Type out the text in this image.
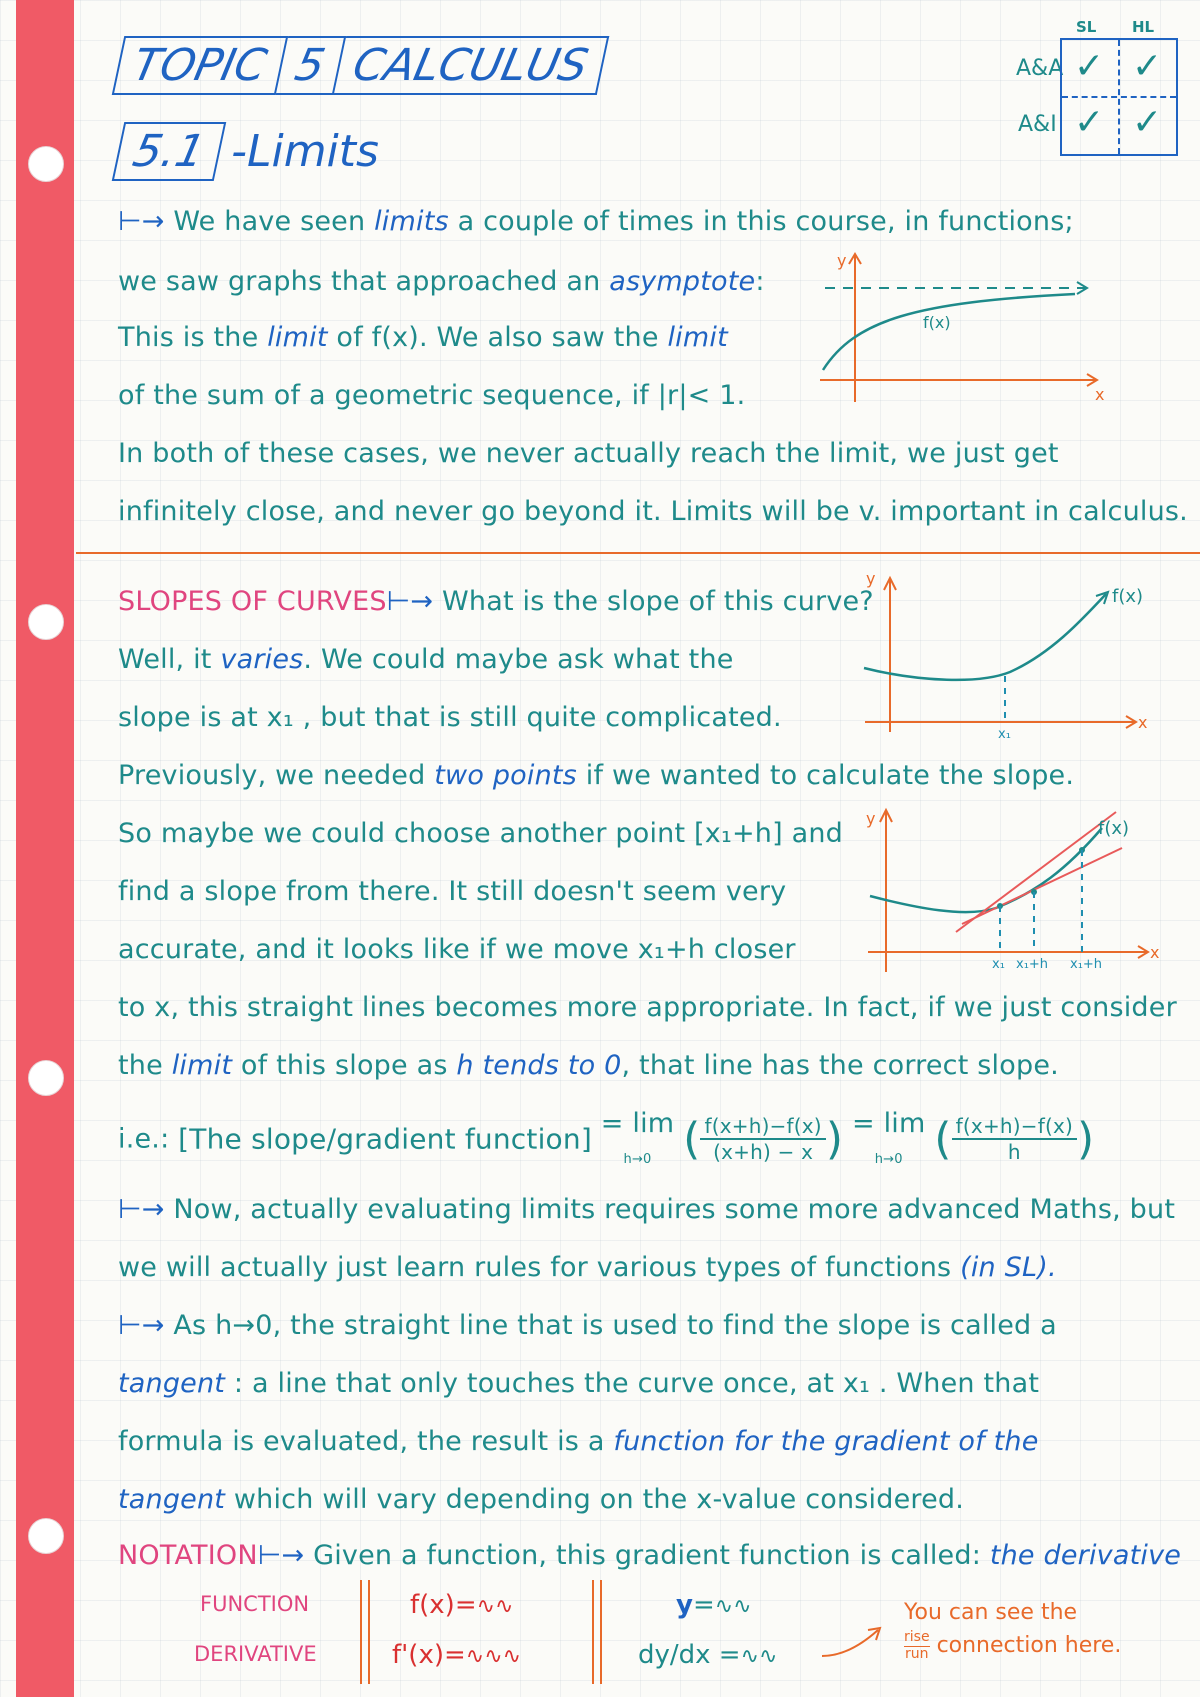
TOPIC 5 CALCULUS
5.1 -Limits
SL HL
A&A
A&I
✓ ✓
✓ ✓
⊢→ We have seen limits a couple of times in this course, in functions;
we saw graphs that approached an asymptote:
This is the limit of f(x). We also saw the limit
of the sum of a geometric sequence, if |r|< 1.
In both of these cases, we never actually reach the limit, we just get
infinitely close, and never go beyond it. Limits will be v. important in calculus.
y
x
f(x)
SLOPES OF CURVES⊢→ What is the slope of this curve?
Well, it varies. We could maybe ask what the
slope is at x₁ , but that is still quite complicated.
Previously, we needed two points if we wanted to calculate the slope.
So maybe we could choose another point [x₁+h] and
find a slope from there. It still doesn't seem very
accurate, and it looks like if we move x₁+h closer
to x, this straight lines becomes more appropriate. In fact, if we just consider
the limit of this slope as h tends to 0, that line has the correct slope.
i.e.: [The slope/gradient function] = lim
h→0 ( $\frac{f(x+h)-f(x)}{(x+h) - x}$ ) = lim
h→0 ( $\frac{f(x+h)-f(x)}{h}$ )
y
x
f(x)
x₁
y
x
f(x)
x₁ x₁+h x₁+h
⊢→ Now, actually evaluating limits requires some more advanced Maths, but
we will actually just learn rules for various types of functions (in SL).
⊢→ As h→0, the straight line that is used to find the slope is called a
tangent : a line that only touches the curve once, at x₁ . When that
formula is evaluated, the result is a function for the gradient of the
tangent which will vary depending on the x-value considered.
NOTATION⊢→ Given a function, this gradient function is called: the derivative
FUNCTION
DERIVATIVE
f(x)=∿∿
f'(x)=∿∿∿
y=∿∿
dy/dx =∿∿
You can see the
rise
run connection here.
